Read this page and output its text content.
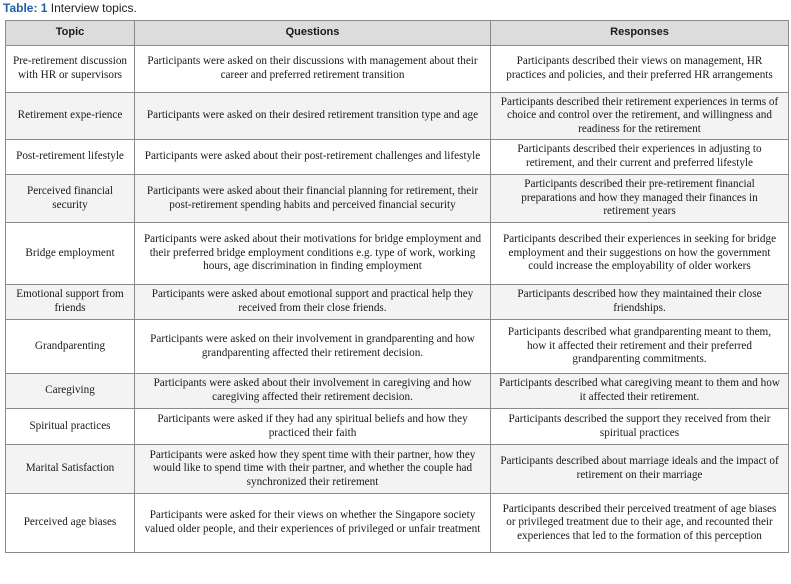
Table: 1 Interview topics.
Topic	Questions	Responses
Pre-retirement discussion with HR or supervisors	Participants were asked on their discussions with management about their career and preferred retirement transition	Participants described their views on management, HR practices and policies, and their preferred HR arrangements
Retirement expe-rience	Participants were asked on their desired retirement transition type and age	Participants described their retirement experiences in terms of choice and control over the retirement, and willingness and readiness for the retirement
Post-retirement lifestyle	Participants were asked about their post-retirement challenges and lifestyle	Participants described their experiences in adjusting to retirement, and their current and preferred lifestyle
Perceived financial security	Participants were asked about their financial planning for retirement, their post-retirement spending habits and perceived financial security	Participants described their pre-retirement financial preparations and how they managed their finances in retirement years
Bridge employment	Participants were asked about their motivations for bridge employment and their preferred bridge employment conditions e.g. type of work, working hours, age discrimination in finding employment	Participants described their experiences in seeking for bridge employment and their suggestions on how the government could increase the employability of older workers
Emotional support from friends	Participants were asked about emotional support and practical help they received from their close friends.	Participants described how they maintained their close friendships.
Grandparenting	Participants were asked on their involvement in grandparenting and how grandparenting affected their retirement decision.	Participants described what grandparenting meant to them, how it affected their retirement and their preferred grandparenting commitments.
Caregiving	Participants were asked about their involvement in caregiving and how caregiving affected their retirement decision.	Participants described what caregiving meant to them and how it affected their retirement.
Spiritual practices	Participants were asked if they had any spiritual beliefs and how they practiced their faith	Participants described the support they received from their spiritual practices
Marital Satisfaction	Participants were asked how they spent time with their partner, how they would like to spend time with their partner, and whether the couple had synchronized their retirement	Participants described about marriage ideals and the impact of retirement on their marriage
Perceived age biases	Participants were asked for their views on whether the Singapore society valued older people, and their experiences of privileged or unfair treatment	Participants described their perceived treatment of age biases or privileged treatment due to their age, and recounted their experiences that led to the formation of this perception
